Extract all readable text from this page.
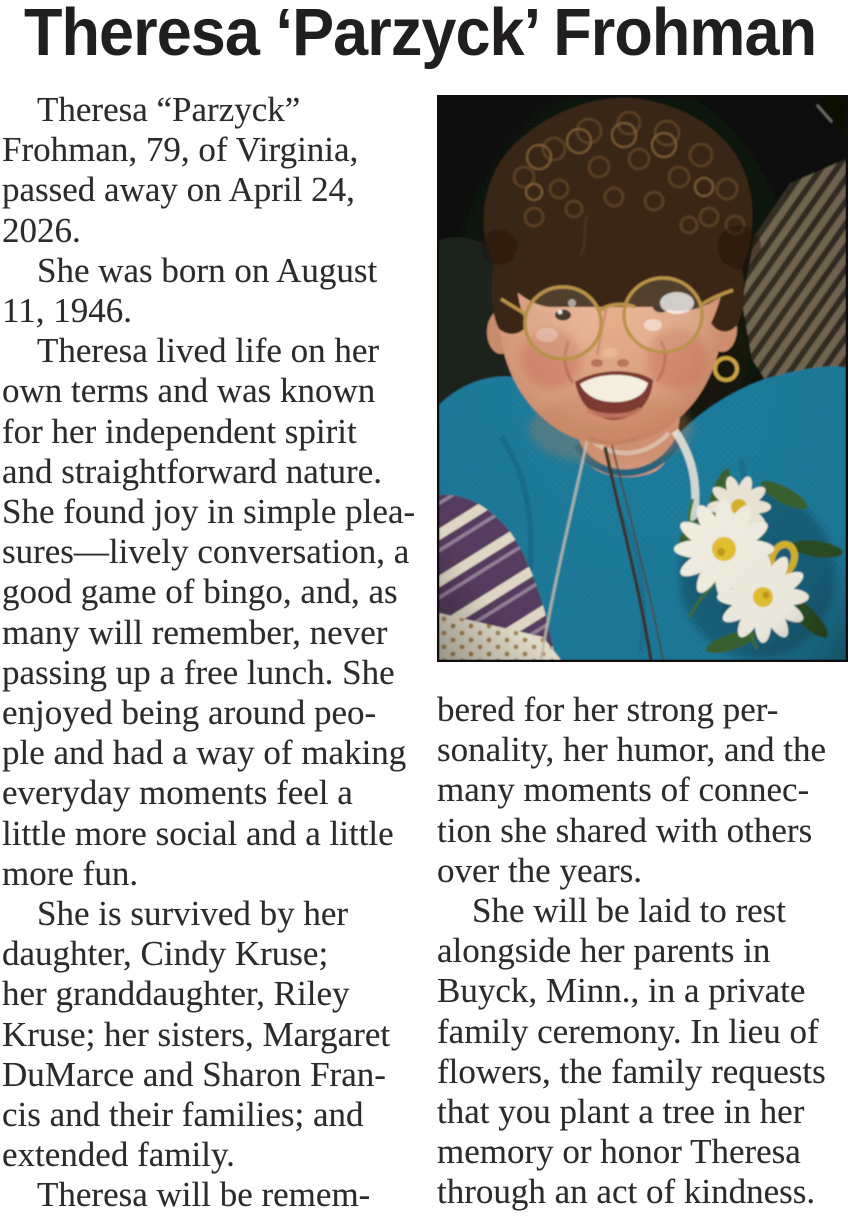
Theresa ‘Parzyck’ Frohman
Theresa “Parzyck”
Frohman, 79, of Virginia,
passed away on April 24,
2026.
She was born on August
11, 1946.
Theresa lived life on her
own terms and was known
for her independent spirit
and straightforward nature.
She found joy in simple plea-
sures—lively conversation, a
good game of bingo, and, as
many will remember, never
passing up a free lunch. She
enjoyed being around peo-
ple and had a way of making
everyday moments feel a
little more social and a little
more fun.
She is survived by her
daughter, Cindy Kruse;
her granddaughter, Riley
Kruse; her sisters, Margaret
DuMarce and Sharon Fran-
cis and their families; and
extended family.
Theresa will be remem-
bered for her strong per-
sonality, her humor, and the
many moments of connec-
tion she shared with others
over the years.
She will be laid to rest
alongside her parents in
Buyck, Minn., in a private
family ceremony. In lieu of
flowers, the family requests
that you plant a tree in her
memory or honor Theresa
through an act of kindness.
